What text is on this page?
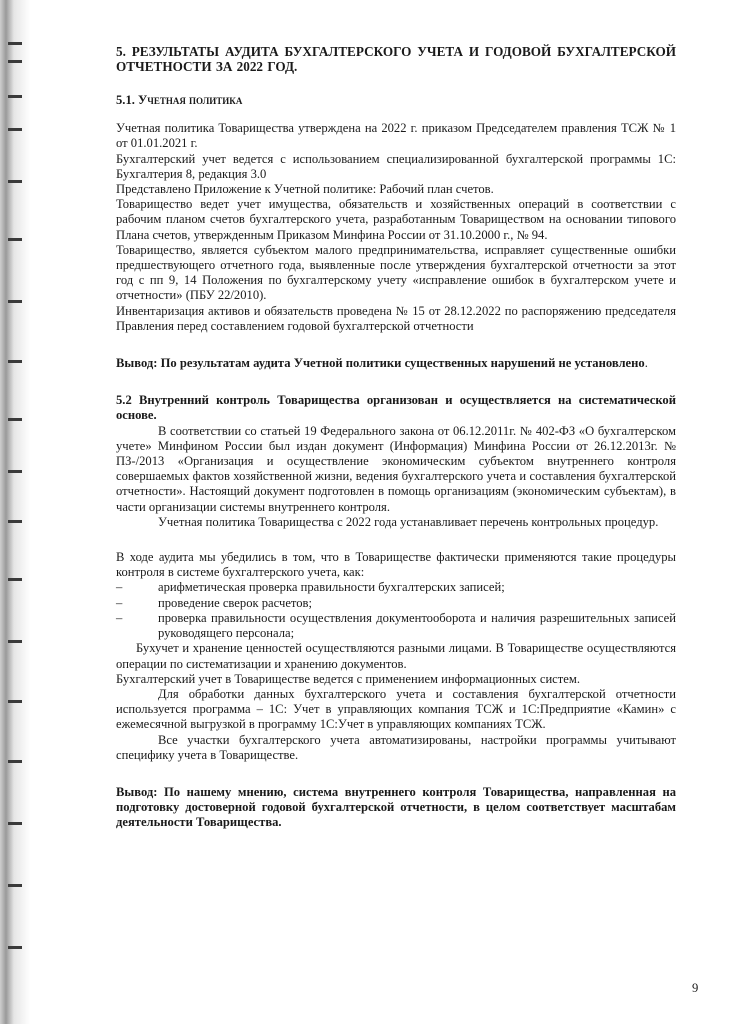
5. РЕЗУЛЬТАТЫ АУДИТА БУХГАЛТЕРСКОГО УЧЕТА И ГОДОВОЙ БУХГАЛТЕРСКОЙ ОТЧЕТНОСТИ ЗА 2022 ГОД.
5.1. Учетная политика

Учетная политика Товарищества утверждена на 2022 г. приказом Председателем правления ТСЖ № 1 от 01.01.2021 г.

Бухгалтерский учет ведется с использованием специализированной бухгалтерской программы 1С: Бухгалтерия 8, редакция 3.0

Представлено Приложение к Учетной политике: Рабочий план счетов.

Товарищество ведет учет имущества, обязательств и хозяйственных операций в соответствии с рабочим планом счетов бухгалтерского учета, разработанным Товариществом на основании типового Плана счетов, утвержденным Приказом Минфина России от 31.10.2000 г., № 94.

Товарищество, является субъектом малого предпринимательства, исправляет существенные ошибки предшествующего отчетного года, выявленные после утверждения бухгалтерской отчетности за этот год с пп 9, 14 Положения по бухгалтерскому учету «исправление ошибок в бухгалтерском учете и отчетности» (ПБУ 22/2010).

Инвентаризация активов и обязательств проведена № 15 от 28.12.2022 по распоряжению председателя Правления перед составлением годовой бухгалтерской отчетности

Вывод: По результатам аудита Учетной политики существенных нарушений не установлено.

5.2 Внутренний контроль Товарищества организован и осуществляется на систематической основе.

В соответствии со статьей 19 Федерального закона от 06.12.2011г. № 402-ФЗ «О бухгалтерском учете» Минфином России был издан документ (Информация) Минфина России от 26.12.2013г. № ПЗ-/2013 «Организация и осуществление экономическим субъектом внутреннего контроля совершаемых фактов хозяйственной жизни, ведения бухгалтерского учета и составления бухгалтерской отчетности». Настоящий документ подготовлен в помощь организациям (экономическим субъектам), в части организации системы внутреннего контроля.

Учетная политика Товарищества с 2022 года устанавливает перечень контрольных процедур.

В ходе аудита мы убедились в том, что в Товариществе фактически применяются такие процедуры контроля в системе бухгалтерского учета, как:

– арифметическая проверка правильности бухгалтерских записей;
– проведение сверок расчетов;
– проверка правильности осуществления документооборота и наличия разрешительных записей руководящего персонала;

Бухучет и хранение ценностей осуществляются разными лицами. В Товариществе осуществляются операции по систематизации и хранению документов.

Бухгалтерский учет в Товариществе ведется с применением информационных систем.

Для обработки данных бухгалтерского учета и составления бухгалтерской отчетности используется программа – 1С: Учет в управляющих компания ТСЖ и 1С:Предприятие «Камин» с ежемесячной выгрузкой в программу 1С:Учет в управляющих компаниях ТСЖ.

Все участки бухгалтерского учета автоматизированы, настройки программы учитывают специфику учета в Товариществе.

Вывод: По нашему мнению, система внутреннего контроля Товарищества, направленная на подготовку достоверной годовой бухгалтерской отчетности, в целом соответствует масштабам деятельности Товарищества.

9
